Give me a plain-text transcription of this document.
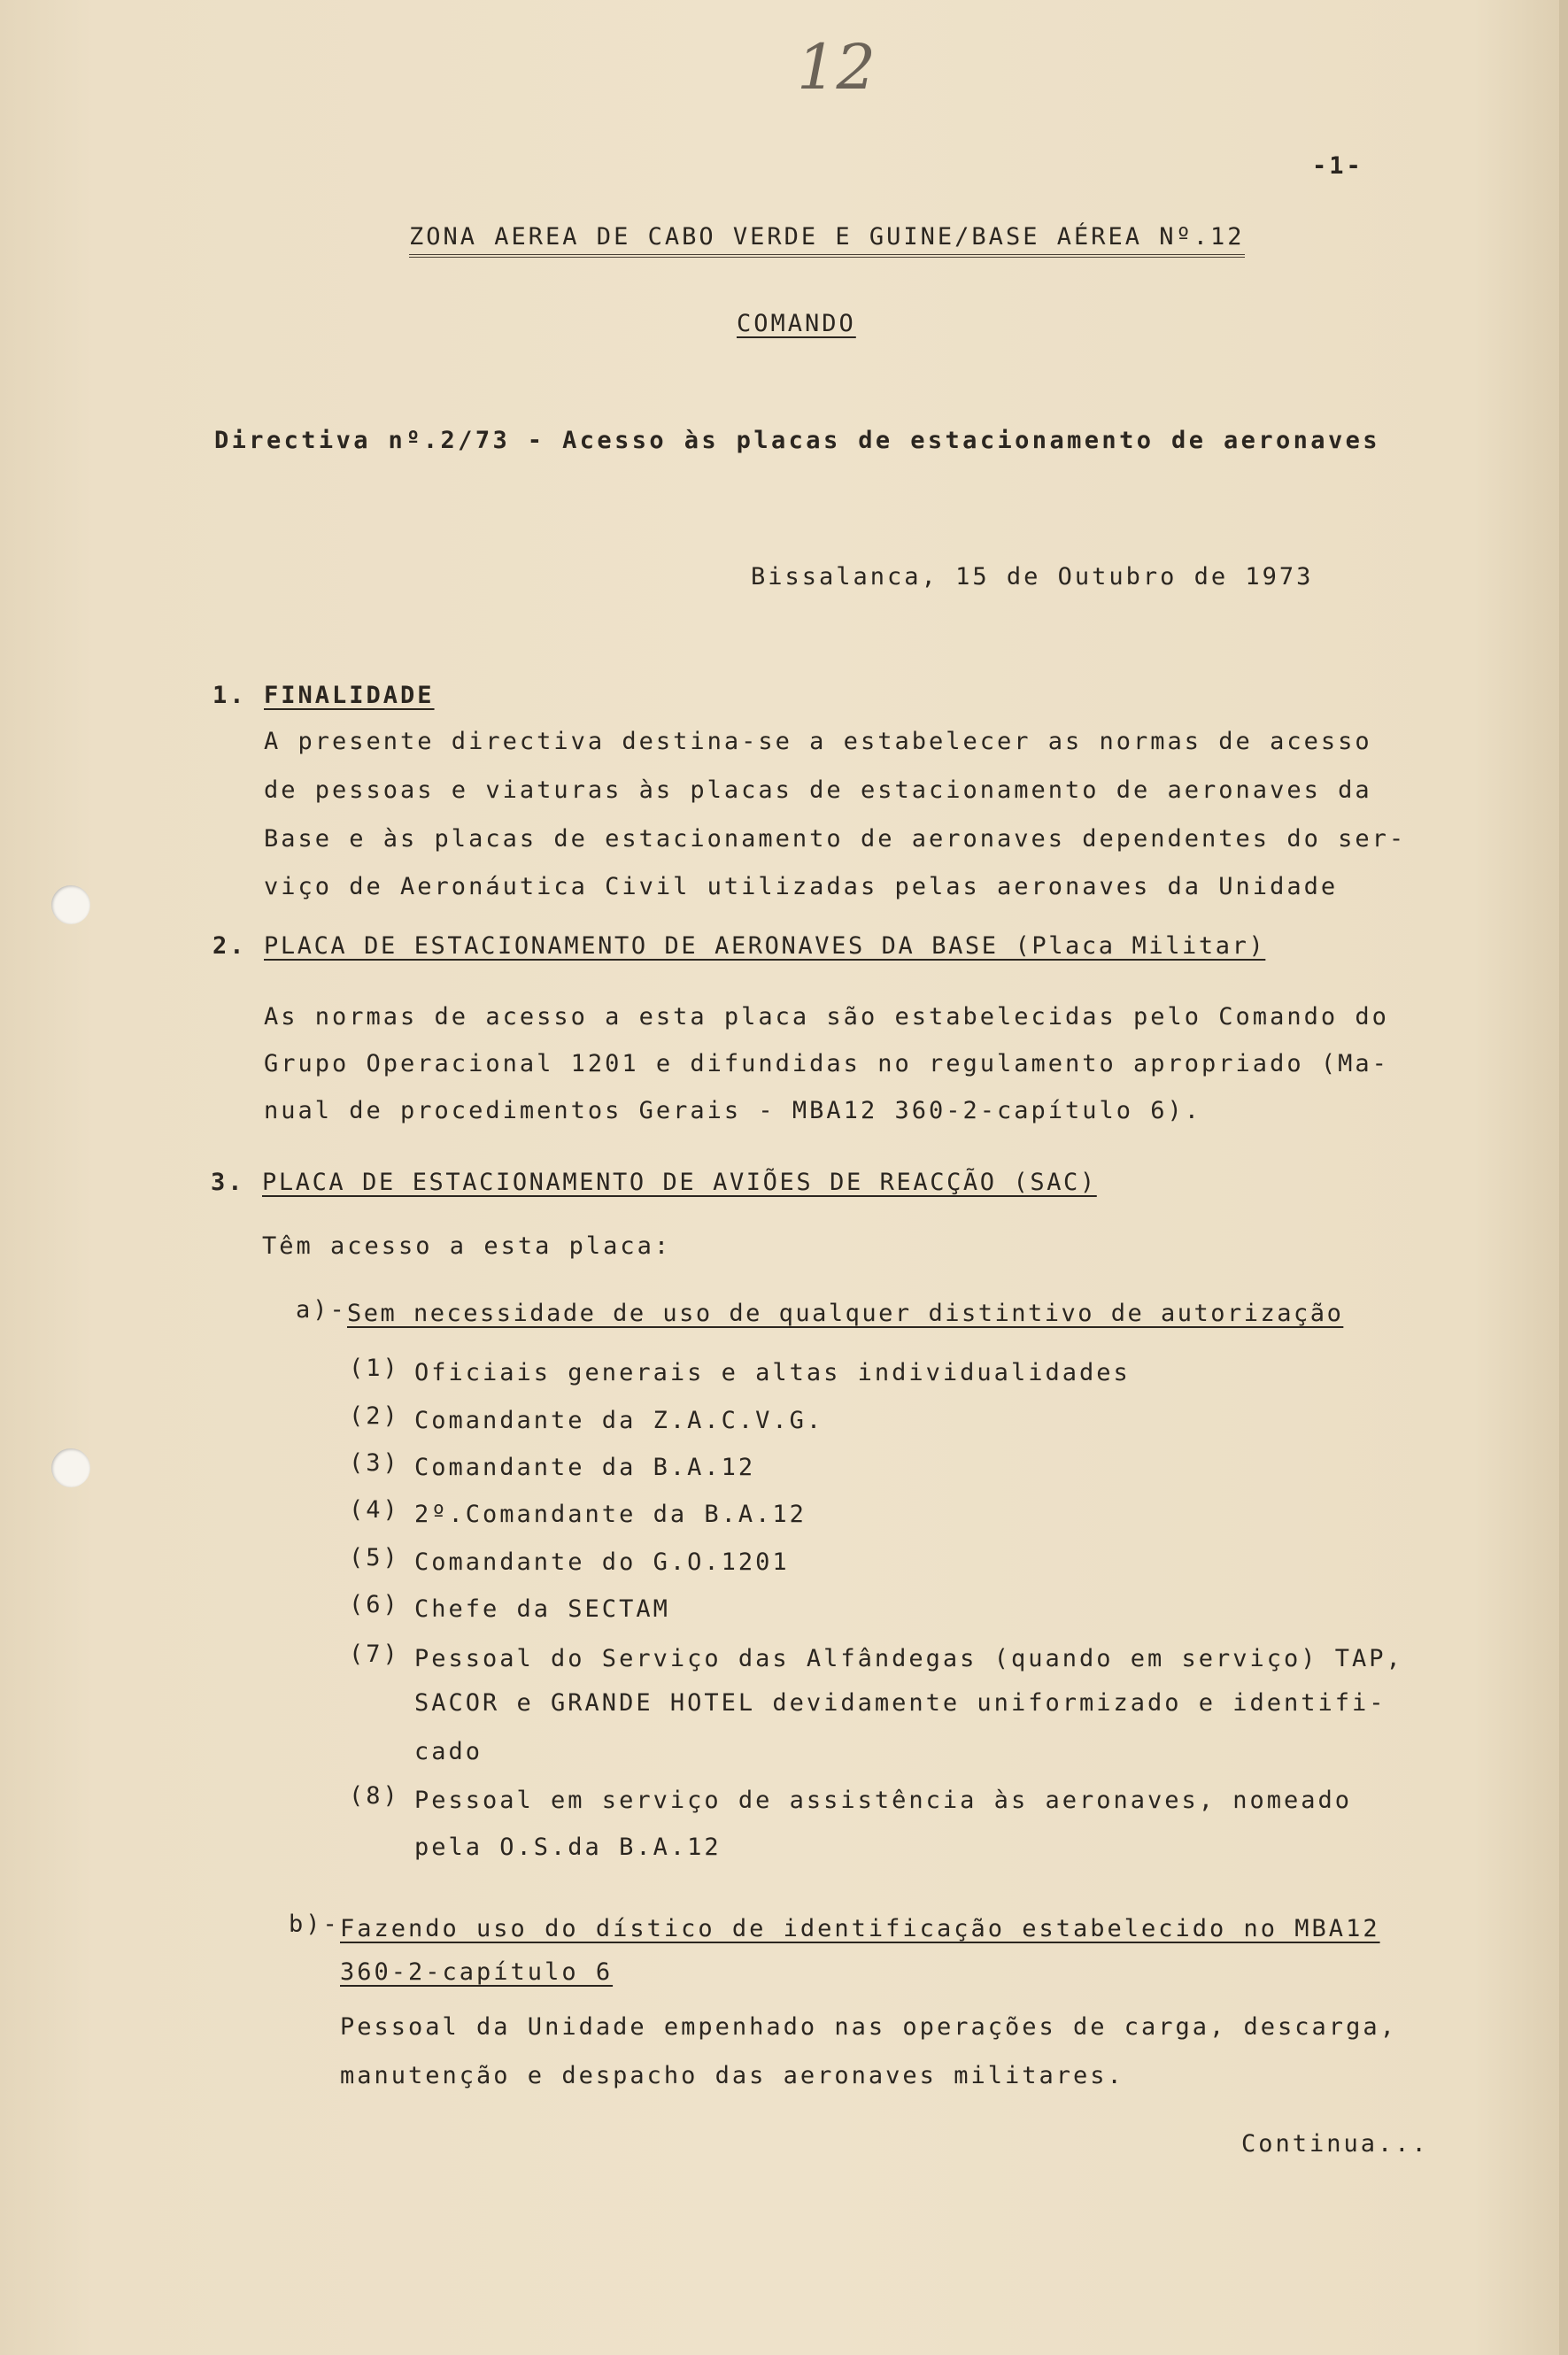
12
-1-
ZONA AEREA DE CABO VERDE E GUINE/BASE AÉREA Nº.12
COMANDO
Directiva nº.2/73 - Acesso às placas de estacionamento de aeronaves
Bissalanca, 15 de Outubro de 1973
1. FINALIDADE
A presente directiva destina-se a estabelecer as normas de acesso
de pessoas e viaturas às placas de estacionamento de aeronaves da
Base e às placas de estacionamento de aeronaves dependentes do ser-
viço de Aeronáutica Civil utilizadas pelas aeronaves da Unidade
2. PLACA DE ESTACIONAMENTO DE AERONAVES DA BASE (Placa Militar)
As normas de acesso a esta placa são estabelecidas pelo Comando do
Grupo Operacional 1201 e difundidas no regulamento apropriado (Ma-
nual de procedimentos Gerais - MBA12 360-2-capítulo 6).
3. PLACA DE ESTACIONAMENTO DE AVIÕES DE REACÇÃO (SAC)
Têm acesso a esta placa:
a)- Sem necessidade de uso de qualquer distintivo de autorização
(1) Oficiais generais e altas individualidades
(2) Comandante da Z.A.C.V.G.
(3) Comandante da B.A.12
(4) 2º.Comandante da B.A.12
(5) Comandante do G.O.1201
(6) Chefe da SECTAM
(7) Pessoal do Serviço das Alfândegas (quando em serviço) TAP,
SACOR e GRANDE HOTEL devidamente uniformizado e identifi-
cado
(8) Pessoal em serviço de assistência às aeronaves, nomeado
pela O.S.da B.A.12
b)- Fazendo uso do dístico de identificação estabelecido no MBA12
360-2-capítulo 6
Pessoal da Unidade empenhado nas operações de carga, descarga,
manutenção e despacho das aeronaves militares.
Continua...
